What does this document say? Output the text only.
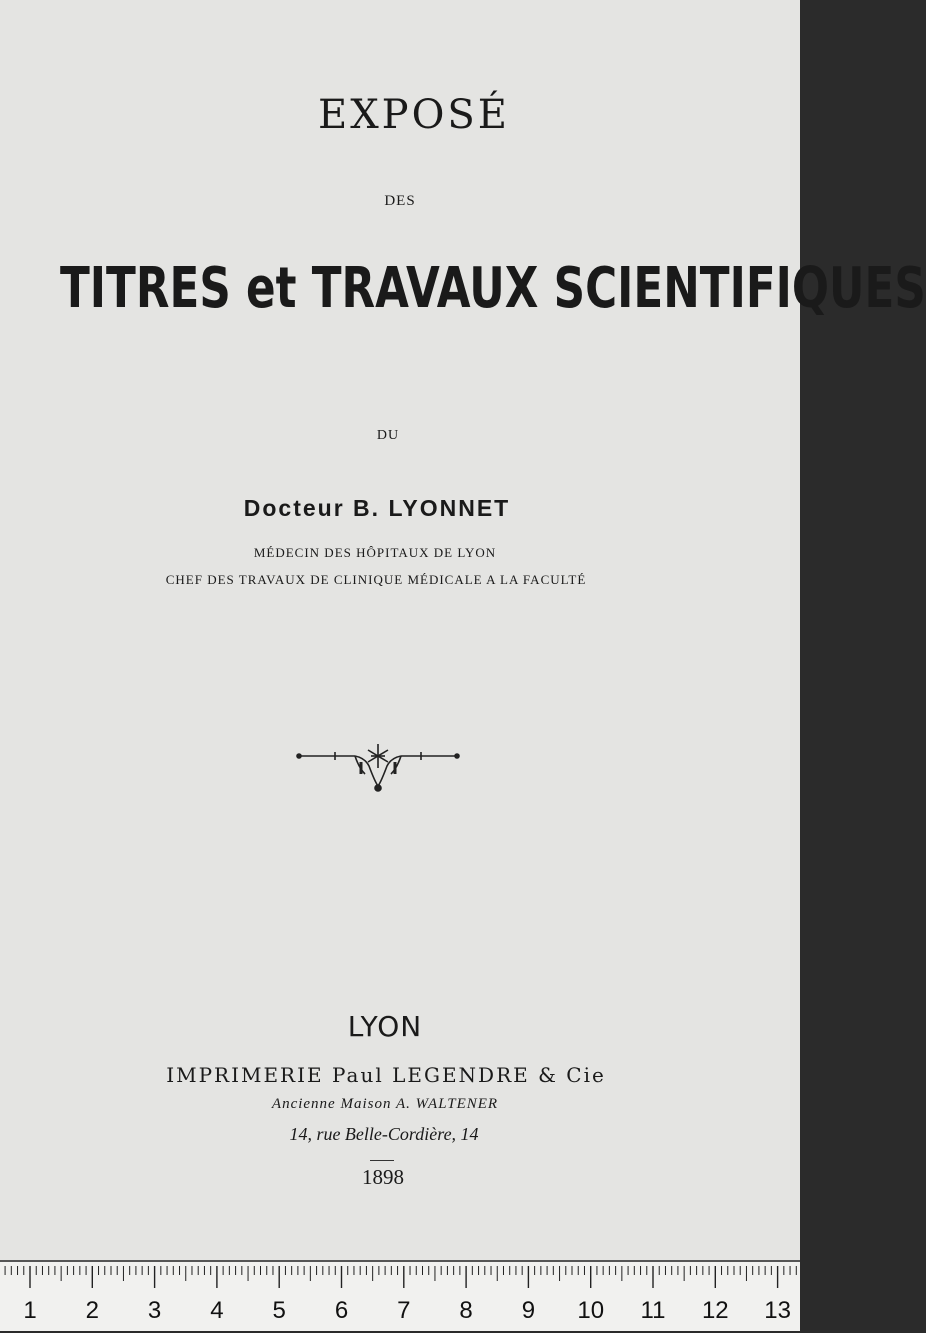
EXPOSÉ

DES

TITRES et TRAVAUX SCIENTIFIQUES

DU

Docteur B. LYONNET

MÉDECIN DES HÔPITAUX DE LYON

CHEF DES TRAVAUX DE CLINIQUE MÉDICALE A LA FACULTÉ

LYON

IMPRIMERIE Paul LEGENDRE & Cie

Ancienne Maison A. WALTENER

14, rue Belle-Cordière, 14

1898

1 2 3 4 5 6 7 8 9 10 11 12 13
